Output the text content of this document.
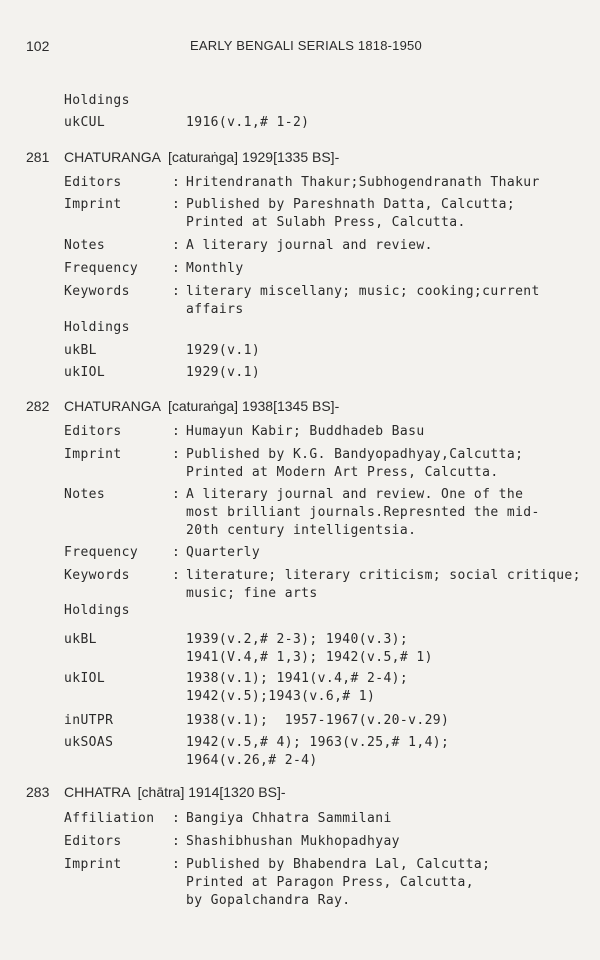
102	EARLY BENGALI SERIALS 1818-1950
Holdings
ukCUL	1916(v.1,# 1-2)
281 CHATURANGA [caturaṅga] 1929[1335 BS]-
Editors	: Hritendranath Thakur;Subhogendranath Thakur
Imprint	: Published by Pareshnath Datta, Calcutta;
Printed at Sulabh Press, Calcutta.
Notes	: A literary journal and review.
Frequency	: Monthly
Keywords	: literary miscellany; music; cooking;current
affairs
Holdings
ukBL	1929(v.1)
ukIOL	1929(v.1)
282 CHATURANGA [caturaṅga] 1938[1345 BS]-
Editors	: Humayun Kabir; Buddhadeb Basu
Imprint	: Published by K.G. Bandyopadhyay,Calcutta;
Printed at Modern Art Press, Calcutta.
Notes	: A literary journal and review. One of the
most brilliant journals.Represnted the mid-
20th century intelligentsia.
Frequency	: Quarterly
Keywords	: literature; literary criticism; social critique;
music; fine arts
Holdings
ukBL	1939(v.2,# 2-3); 1940(v.3);
1941(V.4,# 1,3); 1942(v.5,# 1)
ukIOL	1938(v.1); 1941(v.4,# 2-4);
1942(v.5);1943(v.6,# 1)
inUTPR	1938(v.1);  1957-1967(v.20-v.29)
ukSOAS	1942(v.5,# 4); 1963(v.25,# 1,4);
1964(v.26,# 2-4)
283 CHHATRA [chātra] 1914[1320 BS]-
Affiliation : Bangiya Chhatra Sammilani
Editors	: Shashibhushan Mukhopadhyay
Imprint	: Published by Bhabendra Lal, Calcutta;
Printed at Paragon Press, Calcutta,
by Gopalchandra Ray.
